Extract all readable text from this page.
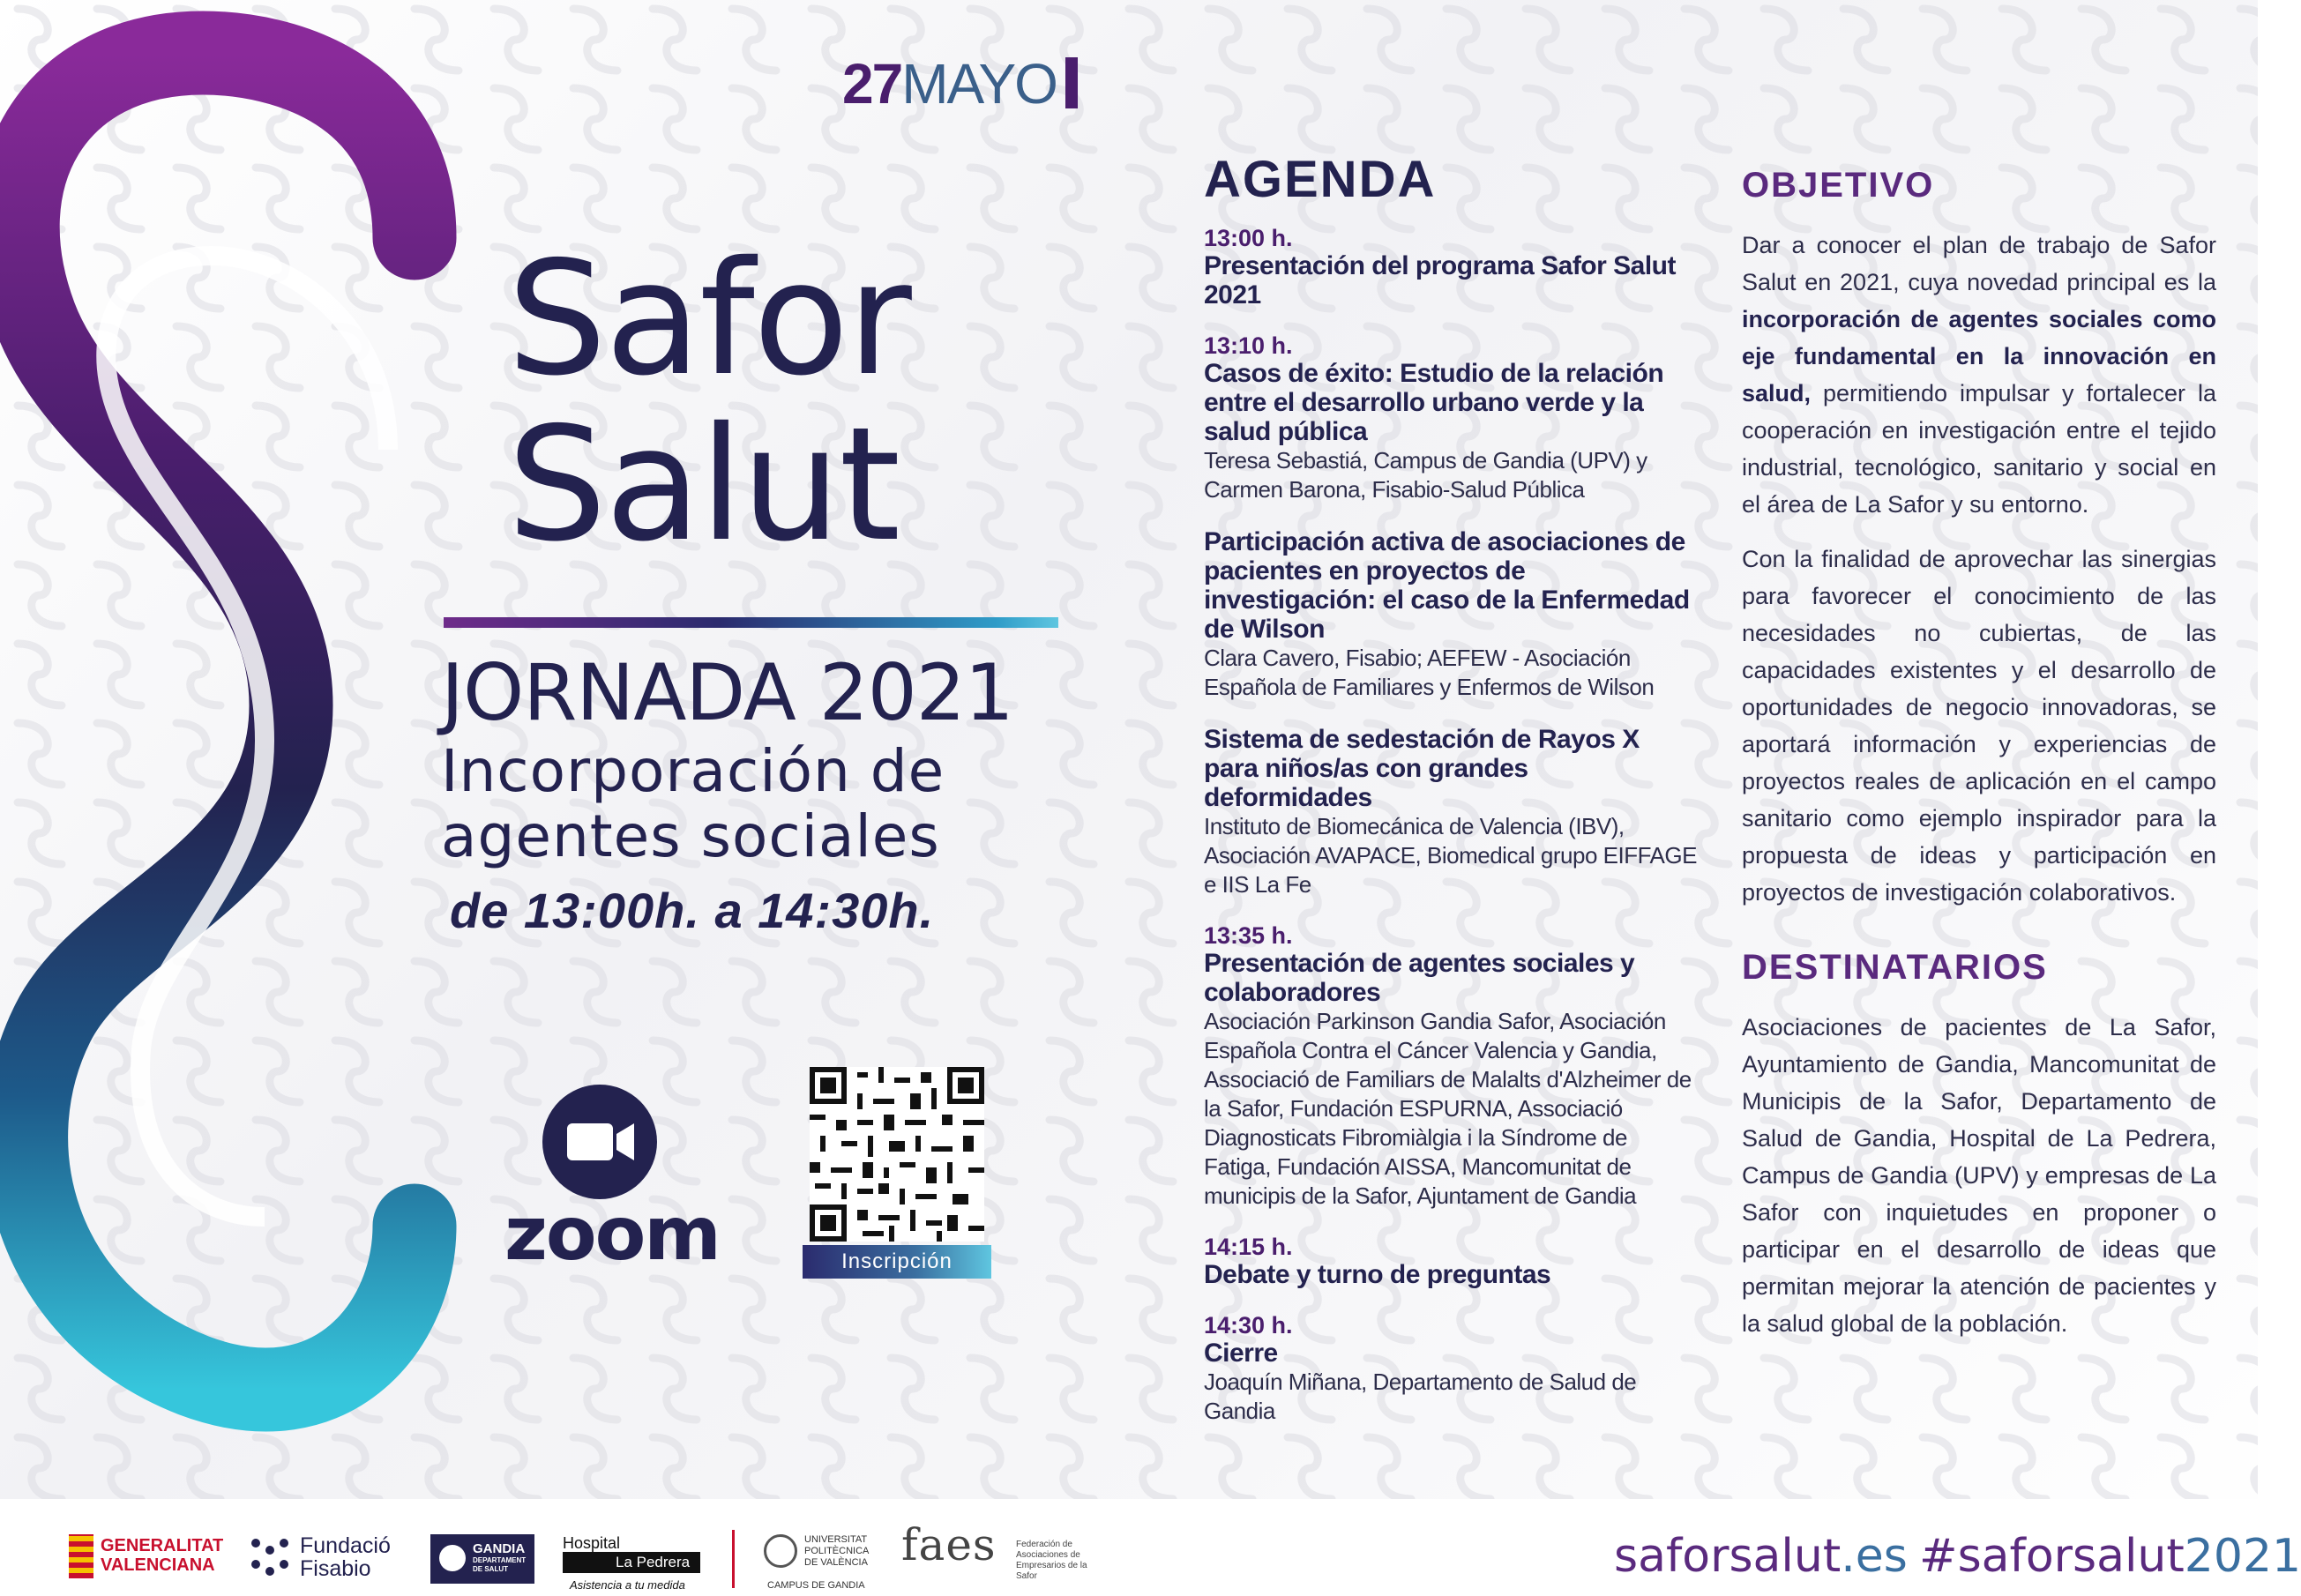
27MAYO
Safor
Salut
JORNADA 2021
Incorporación de
agentes sociales
de 13:00h. a 14:30h.
zoom	Inscripción
AGENDA
13:00 h.
Presentación del programa Safor Salut 2021
13:10 h.
Casos de éxito: Estudio de la relación entre el desarrollo urbano verde y la salud pública
Teresa Sebastiá, Campus de Gandia (UPV) y Carmen Barona, Fisabio-Salud Pública
Participación activa de asociaciones de pacientes en proyectos de investigación: el caso de la Enfermedad de Wilson
Clara Cavero, Fisabio; AEFEW - Asociación Española de Familiares y Enfermos de Wilson
Sistema de sedestación de Rayos X para niños/as con grandes deformidades
Instituto de Biomecánica de Valencia (IBV), Asociación AVAPACE, Biomedical grupo EIFFAGE e IIS La Fe
13:35 h.
Presentación de agentes sociales y colaboradores
Asociación Parkinson Gandia Safor, Asociación Española Contra el Cáncer Valencia y Gandia, Associació de Familiars de Malalts d'Alzheimer de la Safor, Fundación ESPURNA, Associació Diagnosticats Fibromiàlgia i la Síndrome de Fatiga, Fundación AISSA, Mancomunitat de municipis de la Safor, Ajuntament de Gandia
14:15 h.
Debate y turno de preguntas
14:30 h.
Cierre
Joaquín Miñana, Departamento de Salud de Gandia
OBJETIVO

Dar a conocer el plan de trabajo de Safor Salut en 2021, cuya novedad principal es la incorporación de agentes sociales como eje fundamental en la innovación en salud, permitiendo impulsar y fortalecer la cooperación en investigación entre el tejido industrial, tecnológico, sanitario y social en el área de La Safor y su entorno.

Con la finalidad de aprovechar las sinergias para favorecer el conocimiento de las necesidades no cubiertas, de las capacidades existentes y el desarrollo de oportunidades de negocio innovadoras, se aportará información y experiencias de proyectos reales de aplicación en el campo sanitario como ejemplo inspirador para la propuesta de ideas y participación en proyectos de investigación colaborativos.

DESTINATARIOS

Asociaciones de pacientes de La Safor, Ayuntamiento de Gandia, Mancomunitat de Municipis de la Safor, Departamento de Salud de Gandia, Hospital de La Pedrera, Campus de Gandia (UPV) y empresas de La Safor con inquietudes en proponer o participar en el desarrollo de ideas que permitan mejorar la atención de pacientes y la salud global de la población.

GENERALITAT
VALENCIANA
Fundació
Fisabio
GANDIA
DEPARTAMENT DE SALUT
Hospital
La Pedrera
Asistencia a tu medida
UNIVERSITAT
POLITÈCNICA
DE VALÈNCIA
CAMPUS DE GANDIA
faes Federación de Asociaciones de Empresarios de la Safor	saforsalut.es #saforsalut2021
